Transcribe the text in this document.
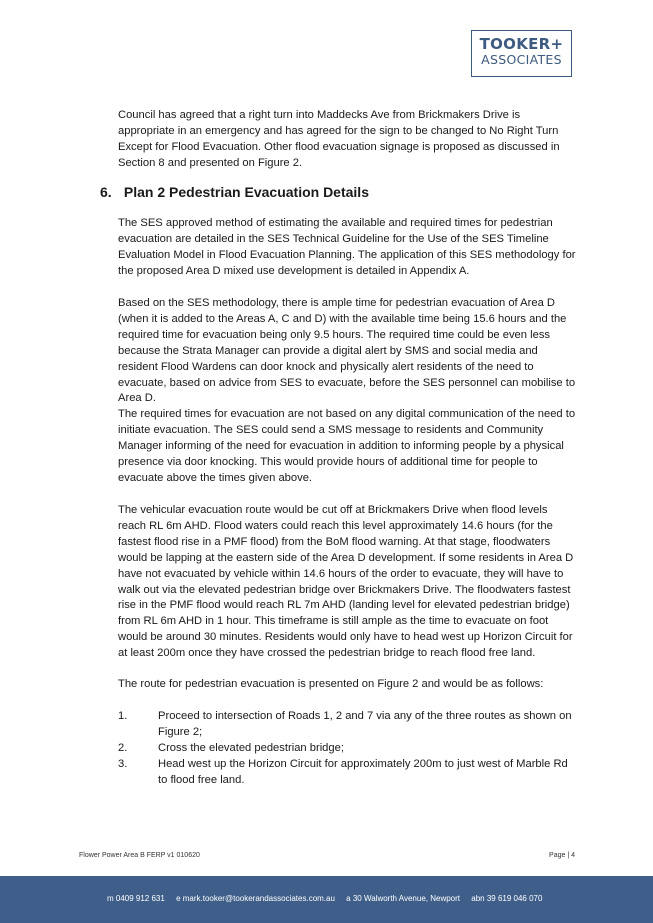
TOOKER+
ASSOCIATES

Council has agreed that a right turn into Maddecks Ave from Brickmakers Drive is appropriate in an emergency and has agreed for the sign to be changed to No Right Turn Except for Flood Evacuation. Other flood evacuation signage is proposed as discussed in Section 8 and presented on Figure 2.

6. Plan 2 Pedestrian Evacuation Details

The SES approved method of estimating the available and required times for pedestrian evacuation are detailed in the SES Technical Guideline for the Use of the SES Timeline Evaluation Model in Flood Evacuation Planning. The application of this SES methodology for the proposed Area D mixed use development is detailed in Appendix A.

Based on the SES methodology, there is ample time for pedestrian evacuation of Area D (when it is added to the Areas A, C and D) with the available time being 15.6 hours and the required time for evacuation being only 9.5 hours. The required time could be even less because the Strata Manager can provide a digital alert by SMS and social media and resident Flood Wardens can door knock and physically alert residents of the need to evacuate, based on advice from SES to evacuate, before the SES personnel can mobilise to Area D.

The required times for evacuation are not based on any digital communication of the need to initiate evacuation. The SES could send a SMS message to residents and Community Manager informing of the need for evacuation in addition to informing people by a physical presence via door knocking. This would provide hours of additional time for people to evacuate above the times given above.

The vehicular evacuation route would be cut off at Brickmakers Drive when flood levels reach RL 6m AHD. Flood waters could reach this level approximately 14.6 hours (for the fastest flood rise in a PMF flood) from the BoM flood warning. At that stage, floodwaters would be lapping at the eastern side of the Area D development. If some residents in Area D have not evacuated by vehicle within 14.6 hours of the order to evacuate, they will have to walk out via the elevated pedestrian bridge over Brickmakers Drive. The floodwaters fastest rise in the PMF flood would reach RL 7m AHD (landing level for elevated pedestrian bridge) from RL 6m AHD in 1 hour. This timeframe is still ample as the time to evacuate on foot would be around 30 minutes. Residents would only have to head west up Horizon Circuit for at least 200m once they have crossed the pedestrian bridge to reach flood free land.

The route for pedestrian evacuation is presented on Figure 2 and would be as follows:

1.	Proceed to intersection of Roads 1, 2 and 7 via any of the three routes as shown on Figure 2;
2.	Cross the elevated pedestrian bridge;
3.	Head west up the Horizon Circuit for approximately 200m to just west of Marble Rd to flood free land.
Flower Power Area B FERP v1 010620	Page | 4
m 0409 912 631 e mark.tooker@tookerandassociates.com.au a 30 Walworth Avenue, Newport abn 39 619 046 070
